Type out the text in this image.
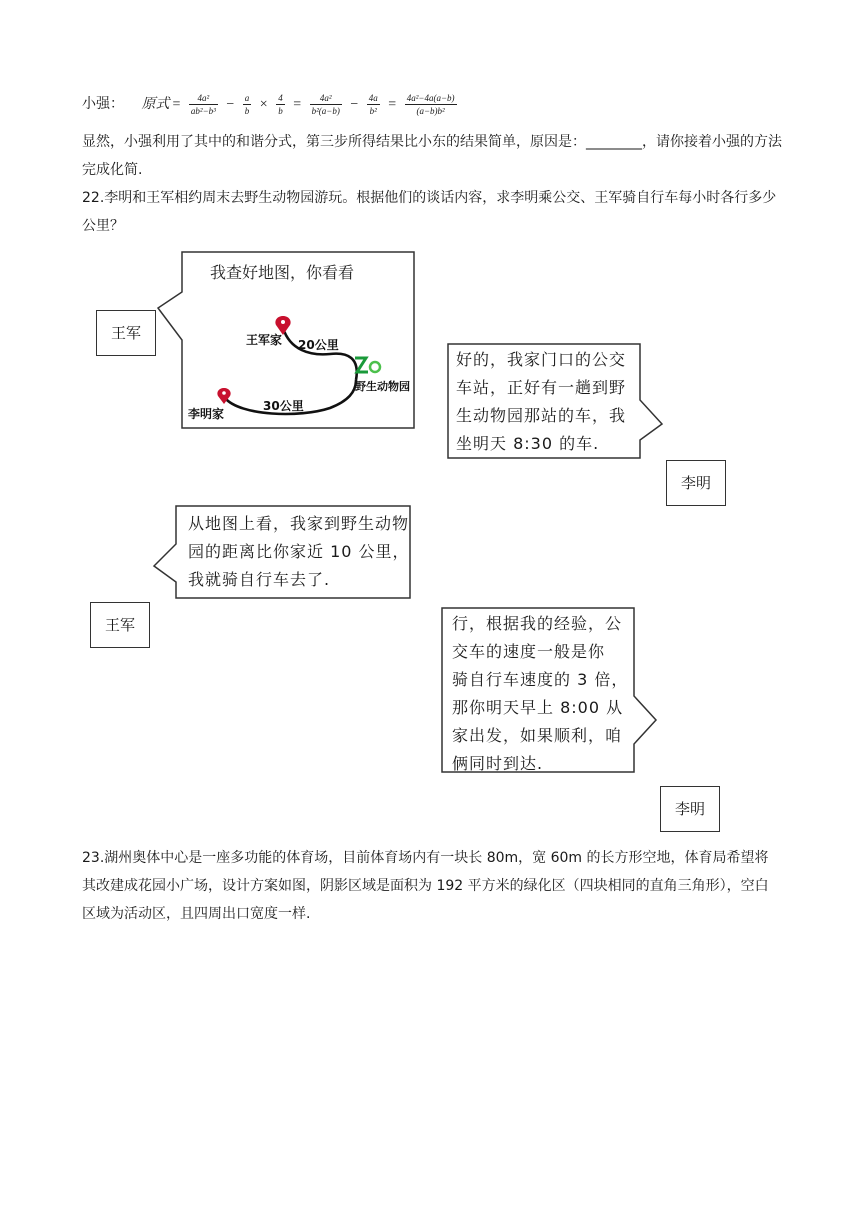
小强： 原式 = $\frac{\text{4a²}}{\text{ab²−b³}} - \frac{a}{b} \times \frac{4}{b} = \frac{\text{4a²}}{\text{b²(a−b)}} - \frac{4a}{\text{b²}} = \frac{\text{4a²−4a(a−b)}}{\text{(a−b)b²}}$
显然，小强利用了其中的和谐分式，第三步所得结果比小东的结果简单，原因是：________，请你接着小强的方法完成化简.
22.李明和王军相约周末去野生动物园游玩。根据他们的谈话内容，求李明乘公交、王军骑自行车每小时各行多少公里？
我查好地图，你看看
王军家 20公里
野生动物园
30公里
李明家
王军
好的，我家门口的公交
车站，正好有一趟到野
生动物园那站的车，我
坐明天 8:30 的车.
李明
从地图上看，我家到野生动物
园的距离比你家近 10 公里，
我就骑自行车去了.
王军	行，根据我的经验，公
交车的速度一般是你
骑自行车速度的 3 倍，
那你明天早上 8:00 从
家出发，如果顺利，咱
俩同时到达.
李明
23.湖州奥体中心是一座多功能的体育场，目前体育场内有一块长 80m，宽 60m 的长方形空地，体育局希望将其改建成花园小广场，设计方案如图，阴影区域是面积为 192 平方米的绿化区（四块相同的直角三角形），空白区域为活动区，且四周出口宽度一样.
